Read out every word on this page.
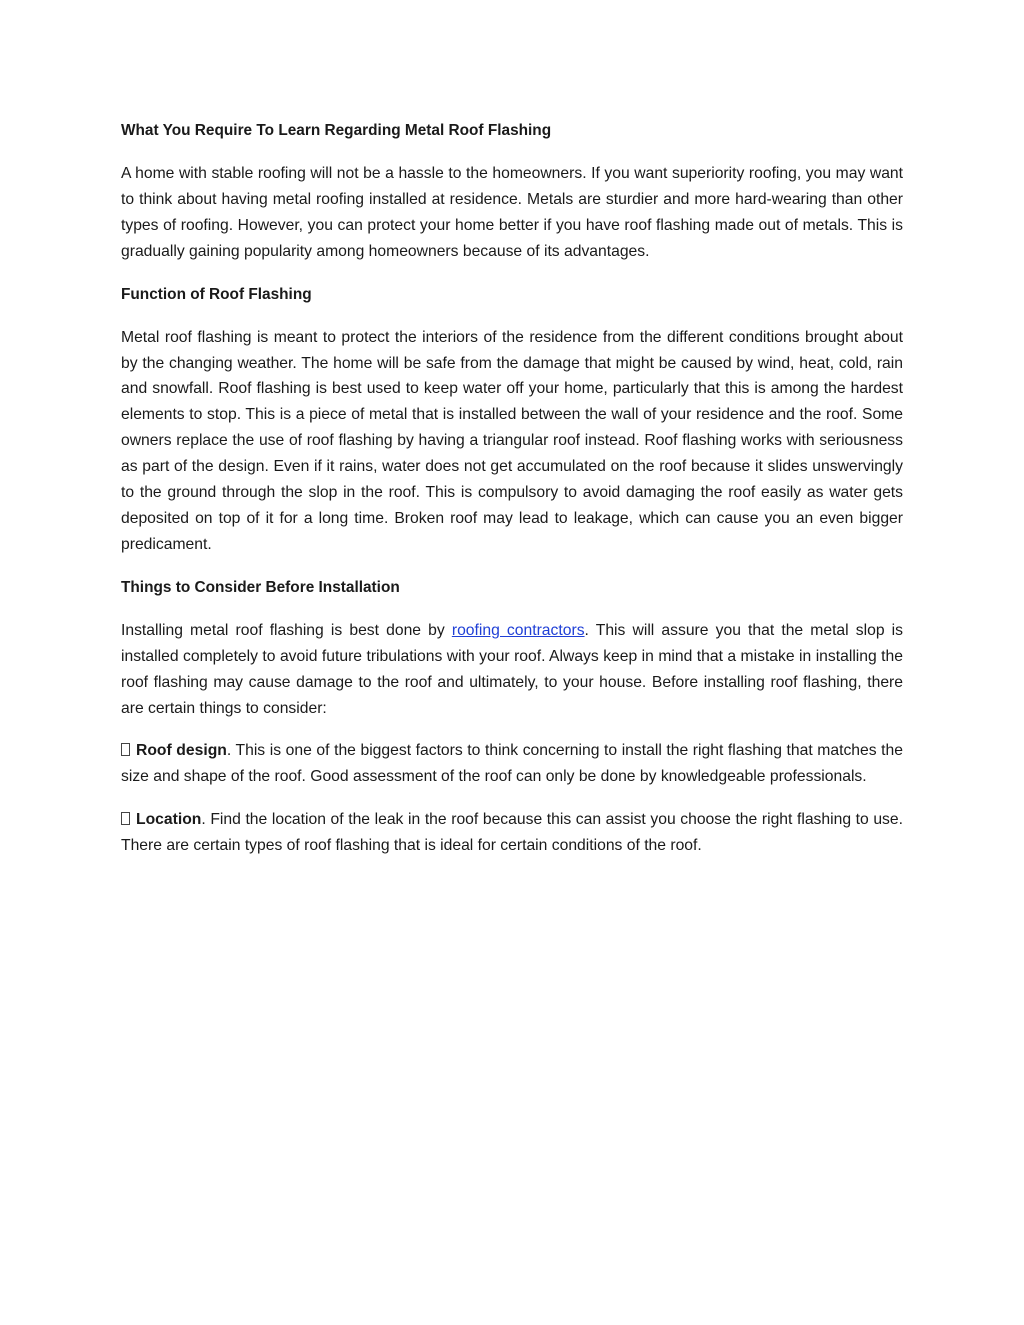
What You Require To Learn Regarding Metal Roof Flashing

A home with stable roofing will not be a hassle to the homeowners. If you want superiority roofing, you may want to think about having metal roofing installed at residence. Metals are sturdier and more hard-wearing than other types of roofing. However, you can protect your home better if you have roof flashing made out of metals. This is gradually gaining popularity among homeowners because of its advantages.

Function of Roof Flashing

Metal roof flashing is meant to protect the interiors of the residence from the different conditions brought about by the changing weather. The home will be safe from the damage that might be caused by wind, heat, cold, rain and snowfall. Roof flashing is best used to keep water off your home, particularly that this is among the hardest elements to stop. This is a piece of metal that is installed between the wall of your residence and the roof. Some owners replace the use of roof flashing by having a triangular roof instead. Roof flashing works with seriousness as part of the design. Even if it rains, water does not get accumulated on the roof because it slides unswervingly to the ground through the slop in the roof. This is compulsory to avoid damaging the roof easily as water gets deposited on top of it for a long time. Broken roof may lead to leakage, which can cause you an even bigger predicament.

Things to Consider Before Installation

Installing metal roof flashing is best done by roofing contractors. This will assure you that the metal slop is installed completely to avoid future tribulations with your roof. Always keep in mind that a mistake in installing the roof flashing may cause damage to the roof and ultimately, to your house. Before installing roof flashing, there are certain things to consider:

Roof design. This is one of the biggest factors to think concerning to install the right flashing that matches the size and shape of the roof. Good assessment of the roof can only be done by knowledgeable professionals.

Location. Find the location of the leak in the roof because this can assist you choose the right flashing to use. There are certain types of roof flashing that is ideal for certain conditions of the roof.
